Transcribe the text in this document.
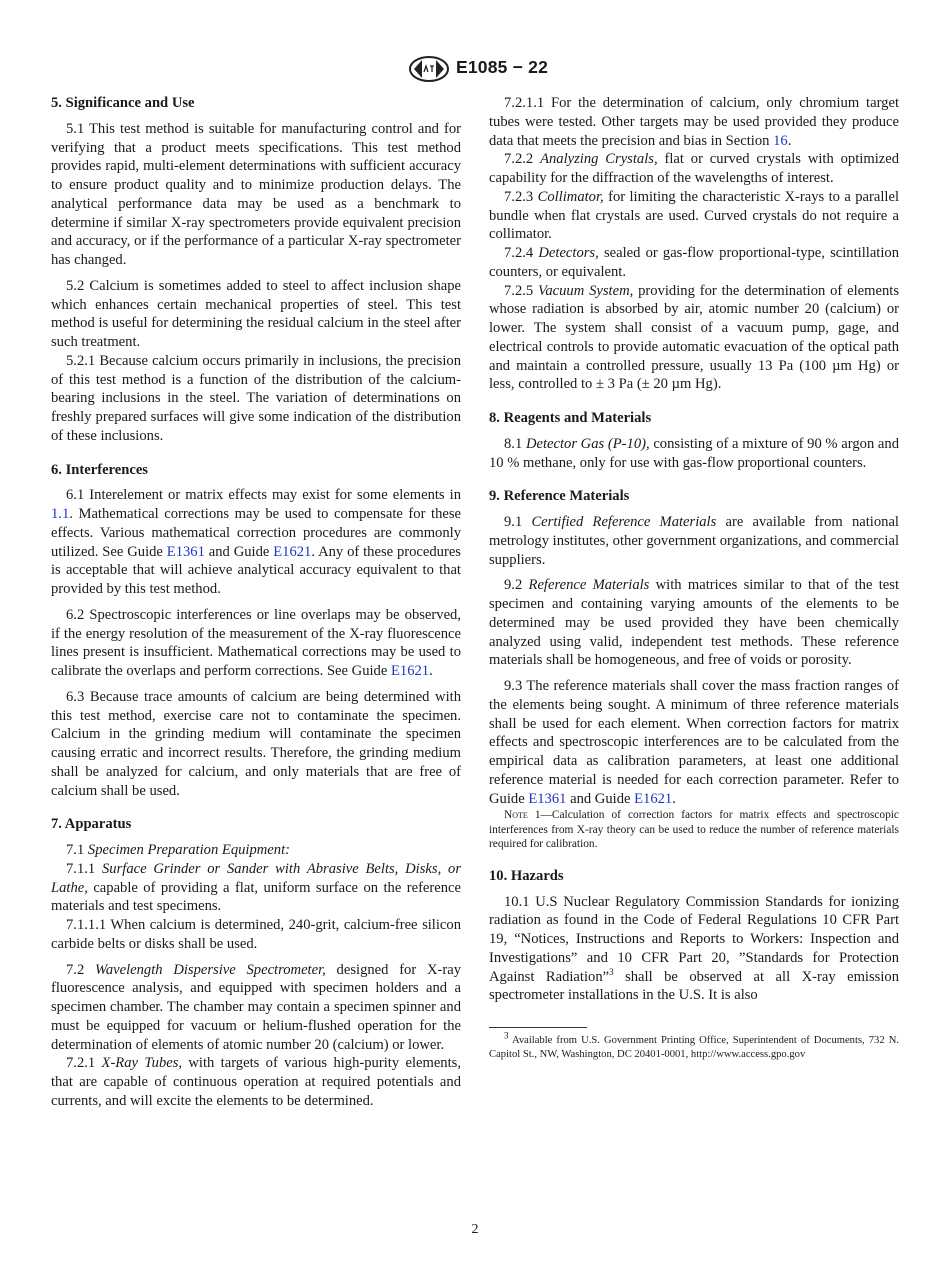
E1085 − 22
5. Significance and Use

5.1 This test method is suitable for manufacturing control and for verifying that a product meets specifications. This test method provides rapid, multi-element determinations with sufficient accuracy to ensure product quality and to minimize production delays. The analytical performance data may be used as a benchmark to determine if similar X-ray spectrometers provide equivalent precision and accuracy, or if the performance of a particular X-ray spectrometer has changed.

5.2 Calcium is sometimes added to steel to affect inclusion shape which enhances certain mechanical properties of steel. This test method is useful for determining the residual calcium in the steel after such treatment.

5.2.1 Because calcium occurs primarily in inclusions, the precision of this test method is a function of the distribution of the calcium-bearing inclusions in the steel. The variation of determinations on freshly prepared surfaces will give some indication of the distribution of these inclusions.

6. Interferences

6.1 Interelement or matrix effects may exist for some elements in 1.1. Mathematical corrections may be used to compensate for these effects. Various mathematical correction procedures are commonly utilized. See Guide E1361 and Guide E1621. Any of these procedures is acceptable that will achieve analytical accuracy equivalent to that provided by this test method.

6.2 Spectroscopic interferences or line overlaps may be observed, if the energy resolution of the measurement of the X-ray fluorescence lines present is insufficient. Mathematical corrections may be used to calibrate the overlaps and perform corrections. See Guide E1621.

6.3 Because trace amounts of calcium are being determined with this test method, exercise care not to contaminate the specimen. Calcium in the grinding medium will contaminate the specimen causing erratic and incorrect results. Therefore, the grinding medium shall be analyzed for calcium, and only materials that are free of calcium shall be used.

7. Apparatus

7.1 Specimen Preparation Equipment:

7.1.1 Surface Grinder or Sander with Abrasive Belts, Disks, or Lathe, capable of providing a flat, uniform surface on the reference materials and test specimens.

7.1.1.1 When calcium is determined, 240-grit, calcium-free silicon carbide belts or disks shall be used.

7.2 Wavelength Dispersive Spectrometer, designed for X-ray fluorescence analysis, and equipped with specimen holders and a specimen chamber. The chamber may contain a specimen spinner and must be equipped for vacuum or helium-flushed operation for the determination of elements of atomic number 20 (calcium) or lower.

7.2.1 X-Ray Tubes, with targets of various high-purity elements, that are capable of continuous operation at required potentials and currents, and will excite the elements to be determined.

7.2.1.1 For the determination of calcium, only chromium target tubes were tested. Other targets may be used provided they produce data that meets the precision and bias in Section 16.

7.2.2 Analyzing Crystals, flat or curved crystals with optimized capability for the diffraction of the wavelengths of interest.

7.2.3 Collimator, for limiting the characteristic X-rays to a parallel bundle when flat crystals are used. Curved crystals do not require a collimator.

7.2.4 Detectors, sealed or gas-flow proportional-type, scintillation counters, or equivalent.

7.2.5 Vacuum System, providing for the determination of elements whose radiation is absorbed by air, atomic number 20 (calcium) or lower. The system shall consist of a vacuum pump, gage, and electrical controls to provide automatic evacuation of the optical path and maintain a controlled pressure, usually 13 Pa (100 µm Hg) or less, controlled to ± 3 Pa (± 20 µm Hg).

8. Reagents and Materials

8.1 Detector Gas (P-10), consisting of a mixture of 90 % argon and 10 % methane, only for use with gas-flow proportional counters.

9. Reference Materials

9.1 Certified Reference Materials are available from national metrology institutes, other government organizations, and commercial suppliers.

9.2 Reference Materials with matrices similar to that of the test specimen and containing varying amounts of the elements to be determined may be used provided they have been chemically analyzed using valid, independent test methods. These reference materials shall be homogeneous, and free of voids or porosity.

9.3 The reference materials shall cover the mass fraction ranges of the elements being sought. A minimum of three reference materials shall be used for each element. When correction factors for matrix effects and spectroscopic interferences are to be calculated from the empirical data as calibration parameters, at least one additional reference material is needed for each correction parameter. Refer to Guide E1361 and Guide E1621.

Note 1—Calculation of correction factors for matrix effects and spectroscopic interferences from X-ray theory can be used to reduce the number of reference materials required for calibration.

10. Hazards

10.1 U.S Nuclear Regulatory Commission Standards for ionizing radiation as found in the Code of Federal Regulations 10 CFR Part 19, “Notices, Instructions and Reports to Workers: Inspection and Investigations” and 10 CFR Part 20, ”Standards for Protection Against Radiation”$^3$ shall be observed at all X-ray emission spectrometer installations in the U.S. It is also

$^3$ Available from U.S. Government Printing Office, Superintendent of Documents, 732 N. Capitol St., NW, Washington, DC 20401-0001, http://www.access.gpo.gov

2
